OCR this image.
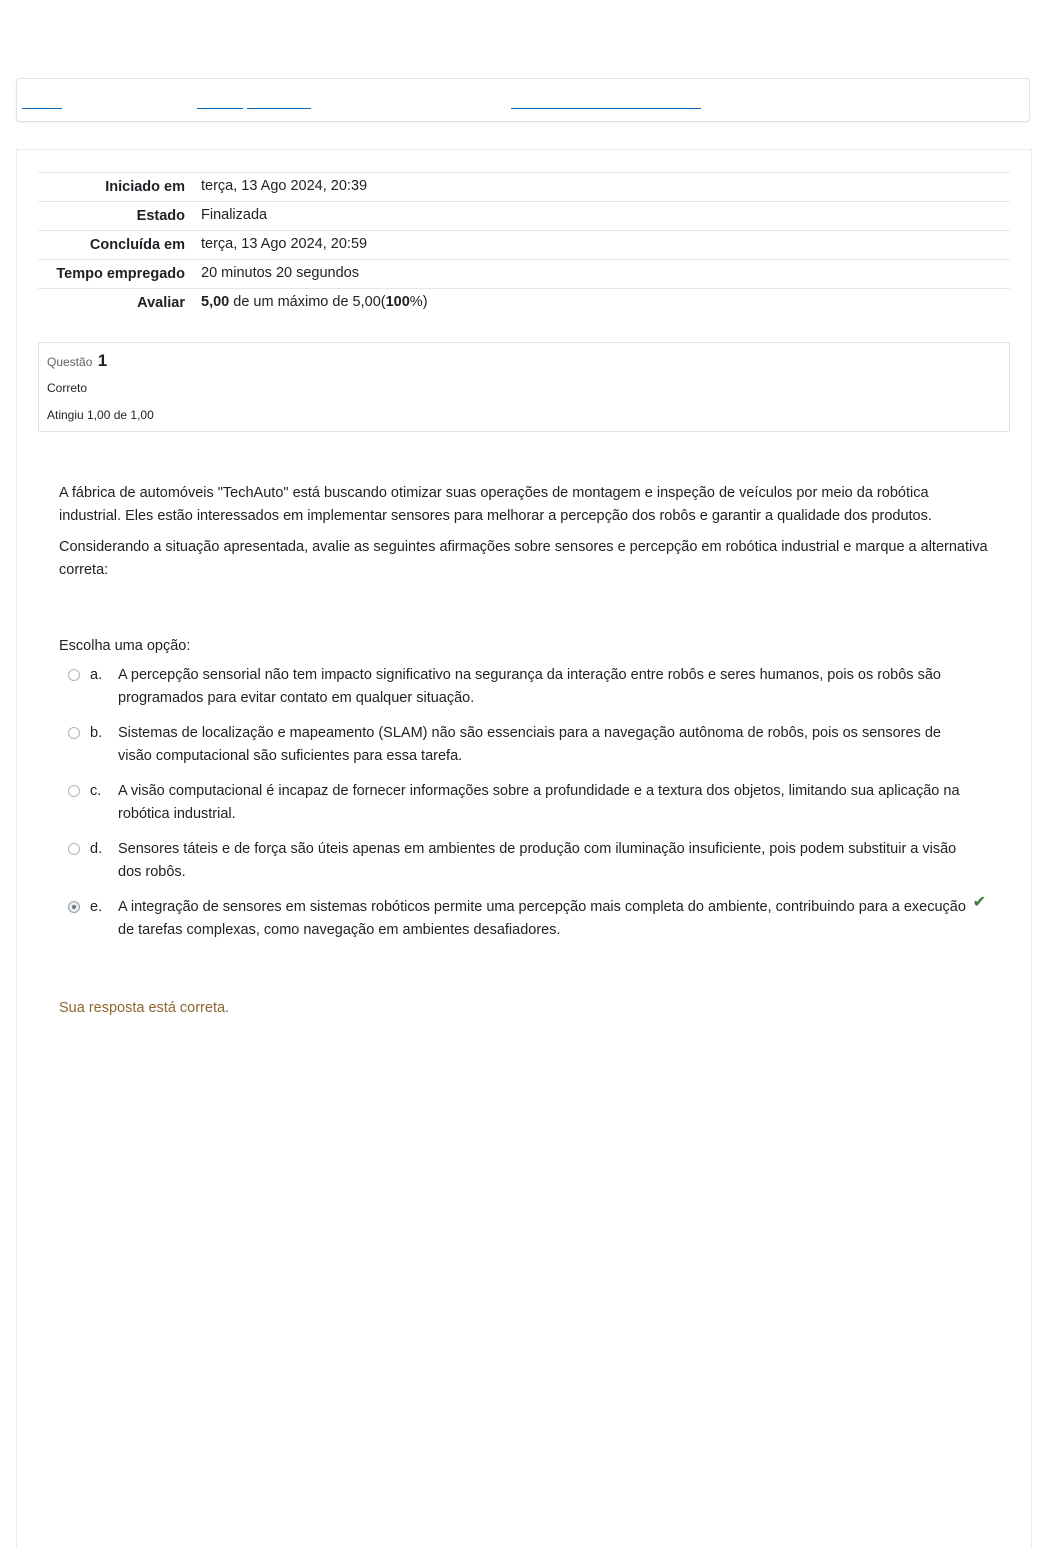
Iniciado em	terça, 13 Ago 2024, 20:39
Estado	Finalizada
Concluída em	terça, 13 Ago 2024, 20:59
Tempo empregado	20 minutos 20 segundos
Avaliar	5,00 de um máximo de 5,00(100%)
Questão 1
Correto
Atingiu 1,00 de 1,00

A fábrica de automóveis "TechAuto" está buscando otimizar suas operações de montagem e inspeção de veículos por meio da robótica industrial. Eles estão interessados em implementar sensores para melhorar a percepção dos robôs e garantir a qualidade dos produtos.

Considerando a situação apresentada, avalie as seguintes afirmações sobre sensores e percepção em robótica industrial e marque a alternativa correta:

Escolha uma opção:
a. A percepção sensorial não tem impacto significativo na segurança da interação entre robôs e seres humanos, pois os robôs são programados para evitar contato em qualquer situação.
b. Sistemas de localização e mapeamento (SLAM) não são essenciais para a navegação autônoma de robôs, pois os sensores de visão computacional são suficientes para essa tarefa.
c. A visão computacional é incapaz de fornecer informações sobre a profundidade e a textura dos objetos, limitando sua aplicação na robótica industrial.
d. Sensores táteis e de força são úteis apenas em ambientes de produção com iluminação insuficiente, pois podem substituir a visão dos robôs.
e. A integração de sensores em sistemas robóticos permite uma percepção mais completa do ambiente, contribuindo para a execução de tarefas complexas, como navegação em ambientes desafiadores.
✔
Sua resposta está correta.
